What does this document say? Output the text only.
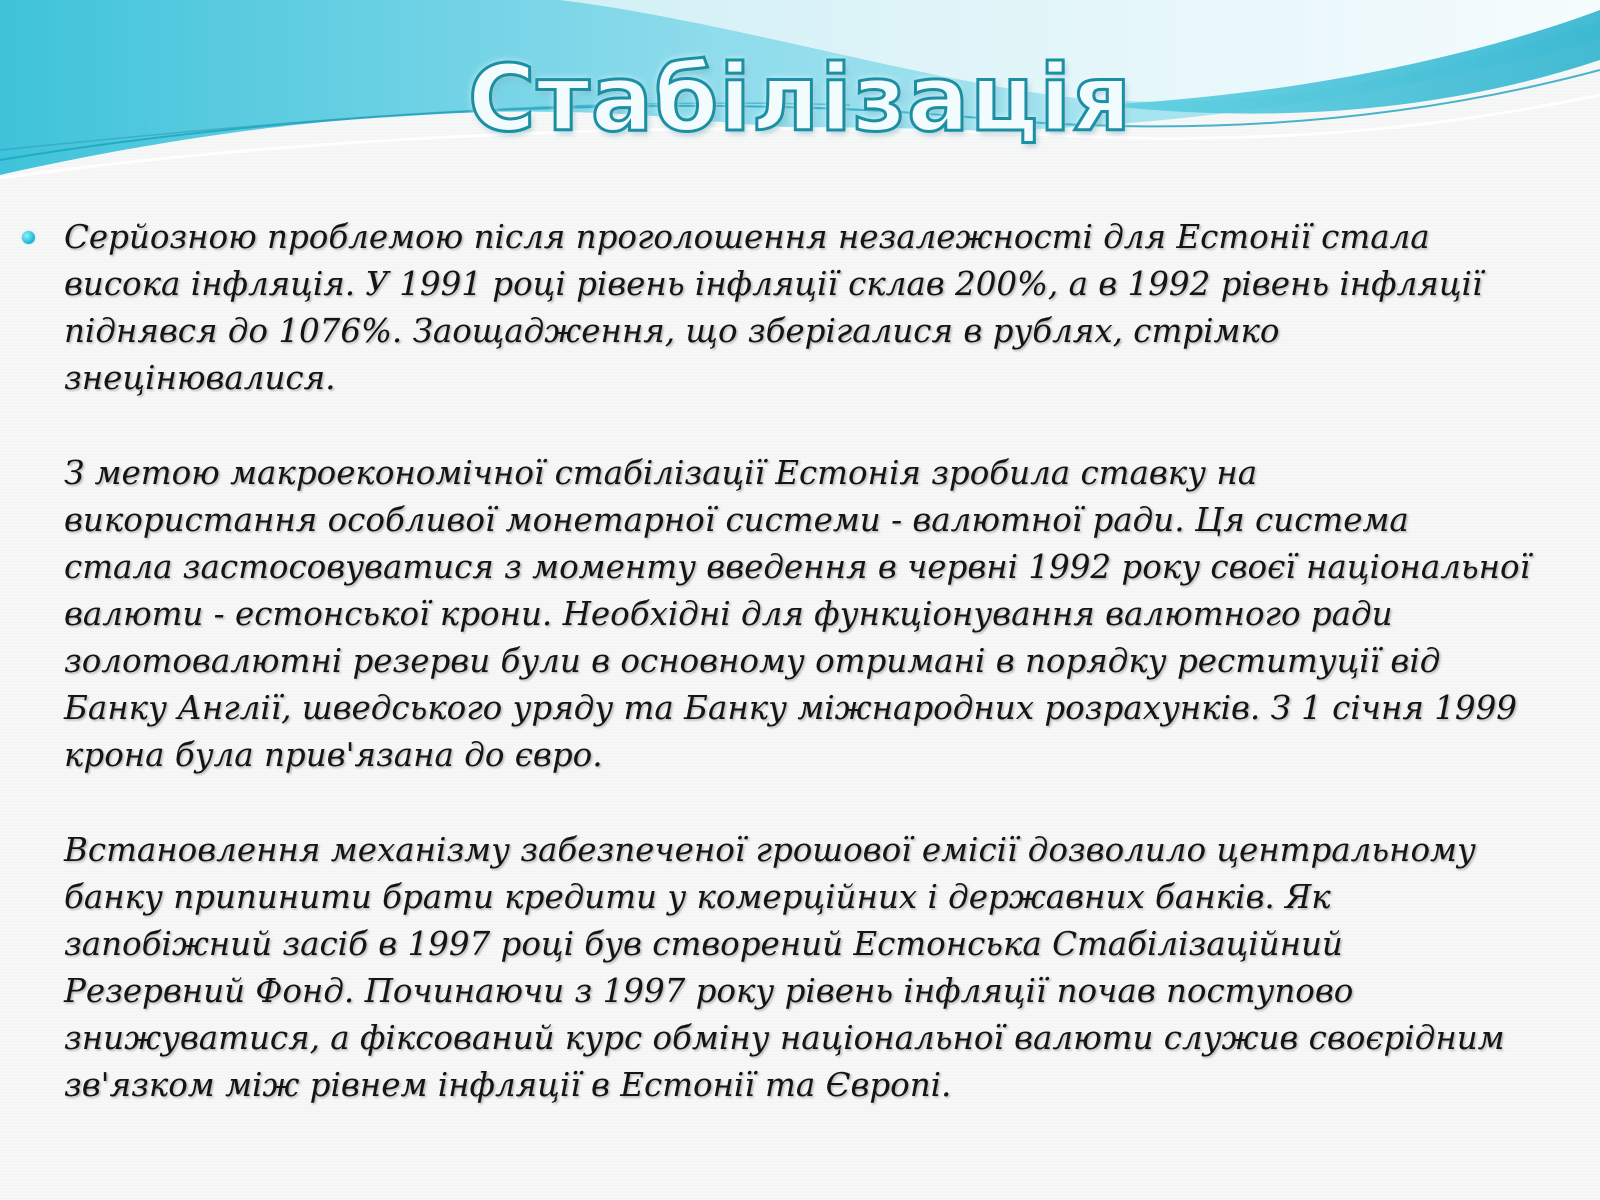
Стабілізація

Серйозною проблемою після проголошення незалежності для Естонії стала
висока інфляція. У 1991 році рівень інфляції склав 200%, а в 1992 рівень інфляції
піднявся до 1076%. Заощадження, що зберігалися в рублях, стрімко
знецінювалися.

З метою макроекономічної стабілізації Естонія зробила ставку на
використання особливої монетарної системи - валютної ради. Ця система
стала застосовуватися з моменту введення в червні 1992 року своєї національної
валюти - естонської крони. Необхідні для функціонування валютного ради
золотовалютні резерви були в основному отримані в порядку реституції від
Банку Англії, шведського уряду та Банку міжнародних розрахунків. З 1 січня 1999
крона була прив'язана до євро.

Встановлення механізму забезпеченої грошової емісії дозволило центральному
банку припинити брати кредити у комерційних і державних банків. Як
запобіжний засіб в 1997 році був створений Естонська Стабілізаційний
Резервний Фонд. Починаючи з 1997 року рівень інфляції почав поступово
знижуватися, а фіксований курс обміну національної валюти служив своєрідним
зв'язком між рівнем інфляції в Естонії та Європі.
